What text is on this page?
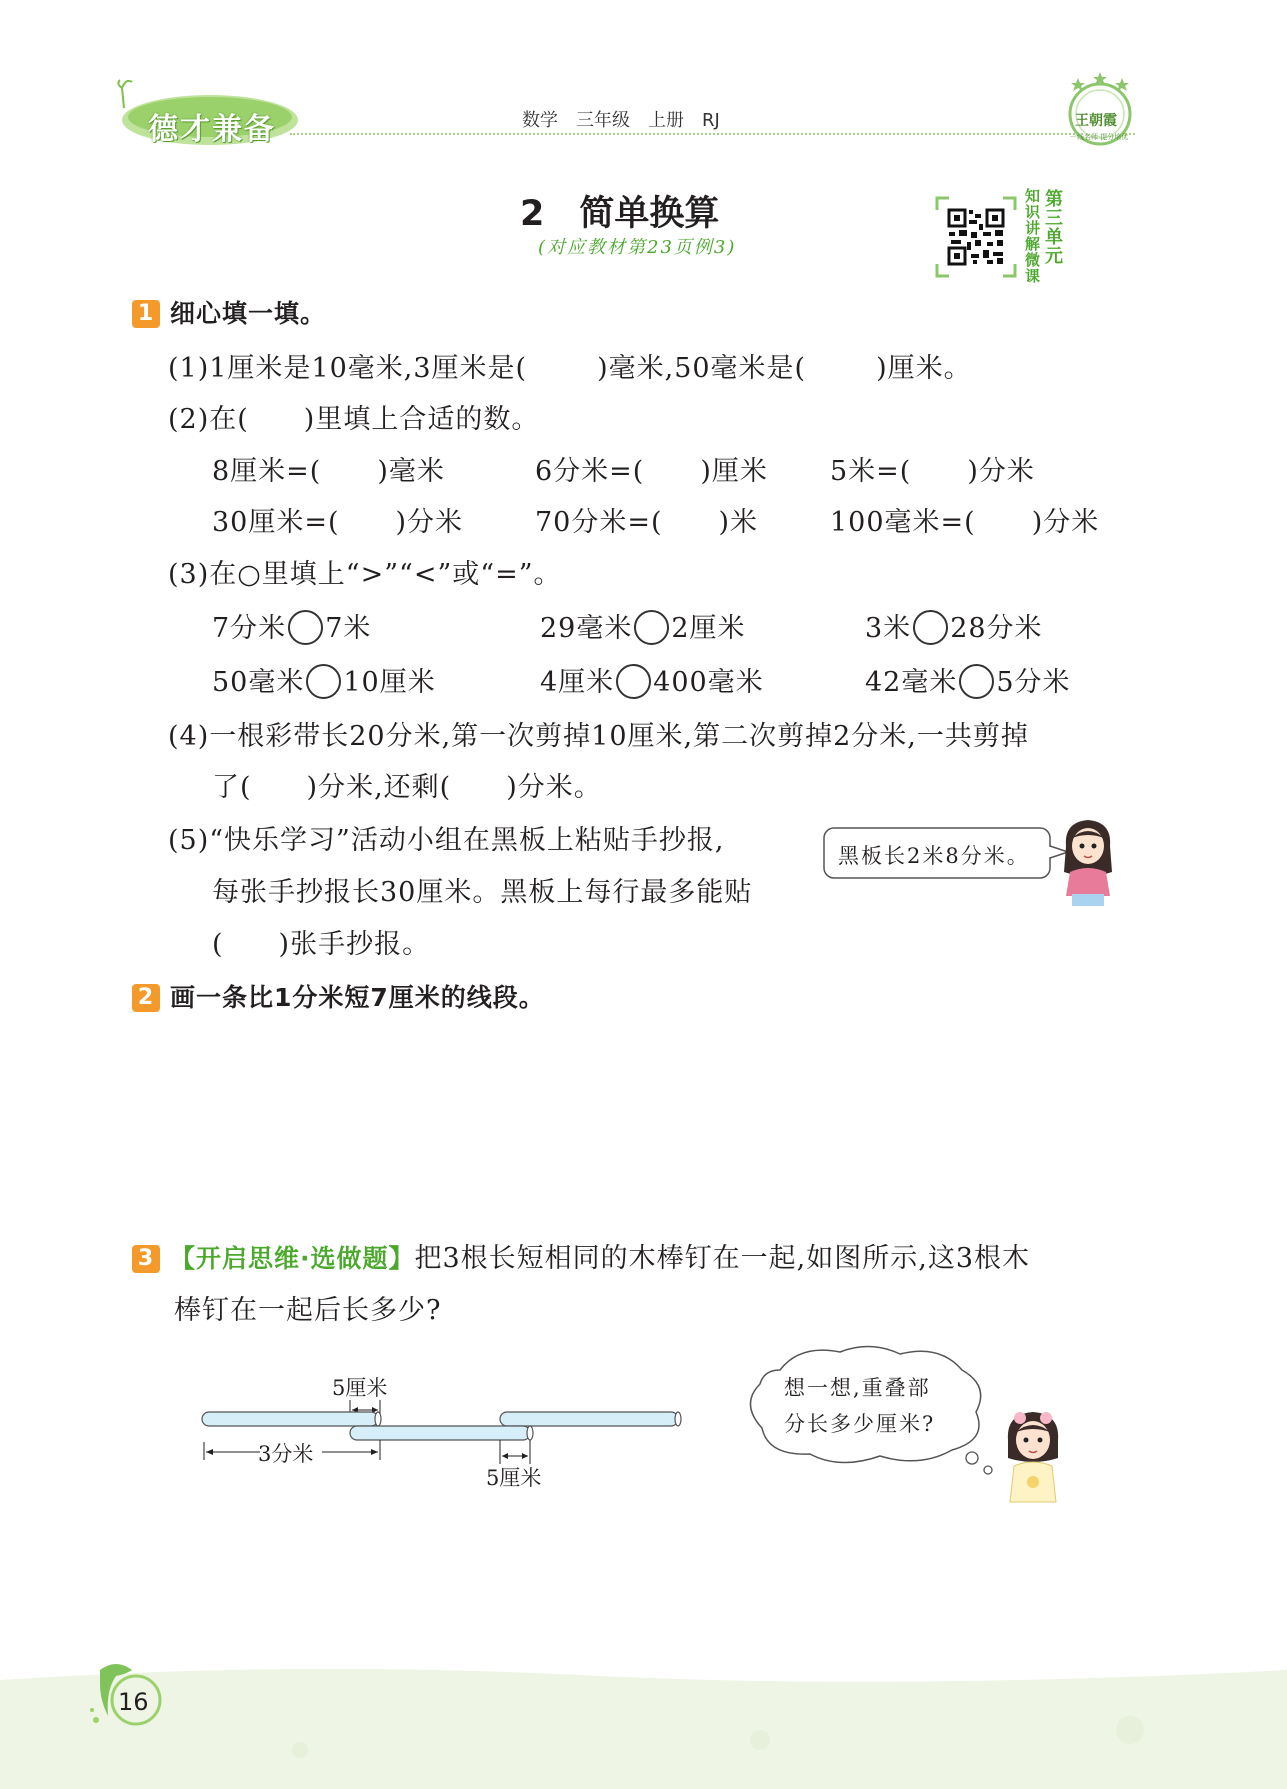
德才兼备	数学　三年级　上册　RJ	王朝霞
一线名师·提分培优
2　简单换算
(对应教材第23页例3)
知识讲解微课
第三单元
1 细心填一填。
(1)1厘米是10毫米,3厘米是(	)毫米,50毫米是(	)厘米。
(2)在( )里填上合适的数。
8厘米=( )毫米	6分米=( )厘米 5米=( )分米
30厘米=( )分米	70分米=( )米	100毫米=( )分米
(3)在○里填上“>”“<”或“=”。
7分米 7米	29毫米 2厘米	3米 28分米
50毫米 10厘米	4厘米 400毫米	42毫米 5分米
(4)一根彩带长20分米,第一次剪掉10厘米,第二次剪掉2分米,一共剪掉
了( )分米,还剩( )分米。
(5)“快乐学习”活动小组在黑板上粘贴手抄报,
每张手抄报长30厘米。黑板上每行最多能贴
( )张手抄报。
黑板长2米8分米。
2 画一条比1分米短7厘米的线段。
3 【开启思维·选做题】把3根长短相同的木棒钉在一起,如图所示,这3根木
棒钉在一起后长多少?
5厘米
3分米
5厘米
想一想,重叠部
分长多少厘米?
16
